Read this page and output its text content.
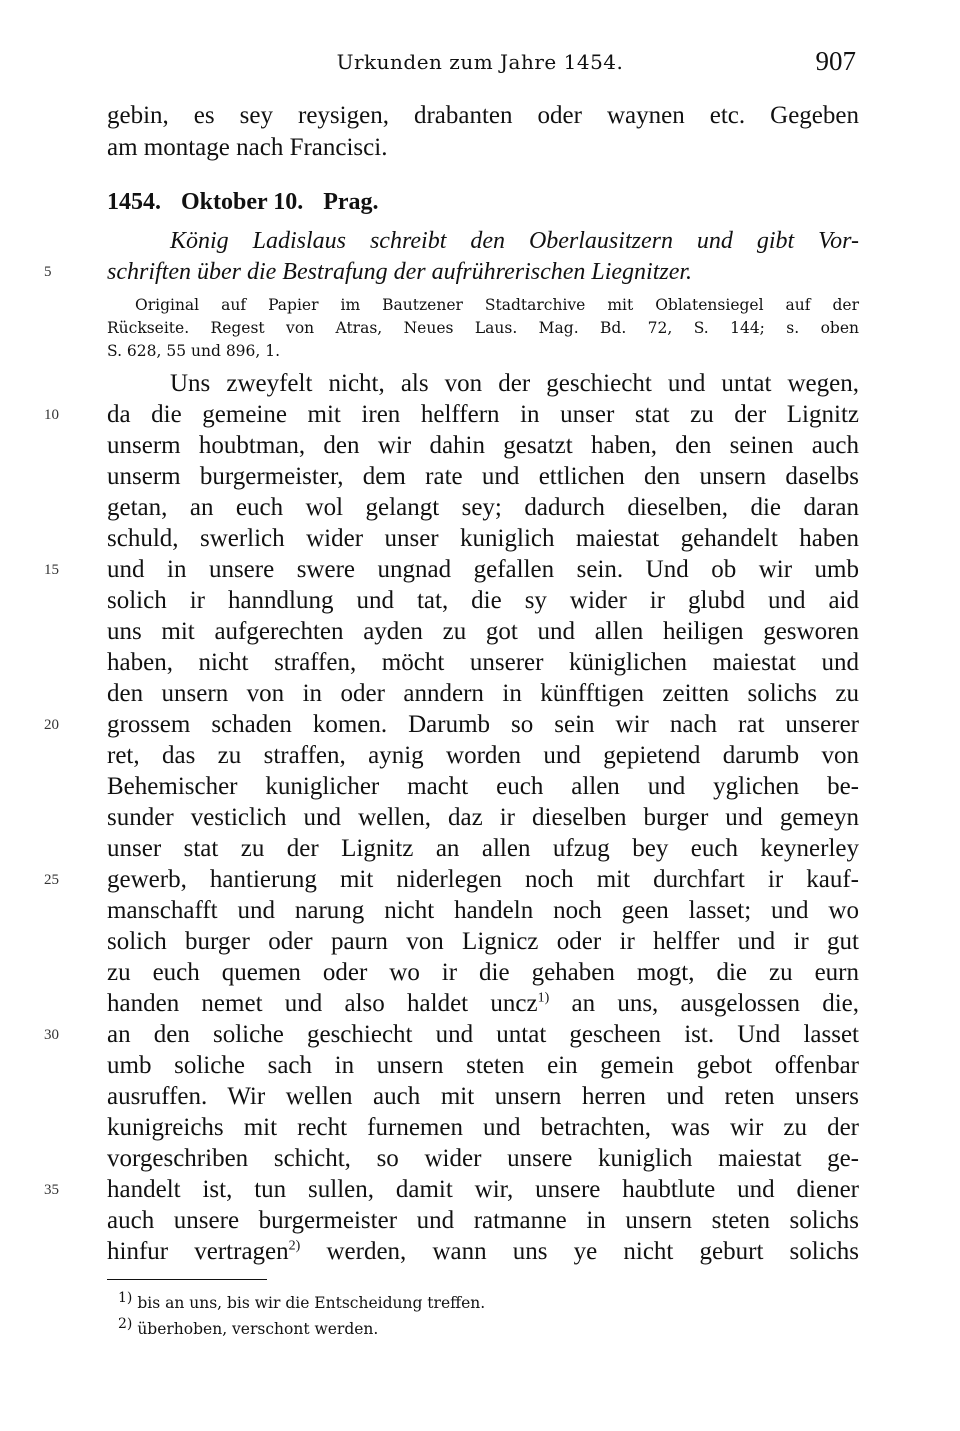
Urkunden zum Jahre 1454.	907
gebin, es sey reysigen, drabanten oder waynen etc. Gegeben
am montage nach Francisci.
1454. Oktober 10. Prag.
König Ladislaus schreibt den Oberlausitzern und gibt Vor-
schriften über die Bestrafung der aufrührerischen Liegnitzer.
Original auf Papier im Bautzener Stadtarchive mit Oblatensiegel auf der
Rückseite. Regest von Atras, Neues Laus. Mag. Bd. 72, S. 144; s. oben
S. 628, 55 und 896, 1.
Uns zweyfelt nicht, als von der geschiecht und untat wegen,
da die gemeine mit iren helffern in unser stat zu der Lignitz
unserm houbtman, den wir dahin gesatzt haben, den seinen auch
unserm burgermeister, dem rate und ettlichen den unsern daselbs
getan, an euch wol gelangt sey; dadurch dieselben, die daran
schuld, swerlich wider unser kuniglich maiestat gehandelt haben
und in unsere swere ungnad gefallen sein. Und ob wir umb
solich ir hanndlung und tat, die sy wider ir glubd und aid
uns mit aufgerechten ayden zu got und allen heiligen gesworen
haben, nicht straffen, möcht unserer küniglichen maiestat und
den unsern von in oder anndern in künfftigen zeitten solichs zu
grossem schaden komen. Darumb so sein wir nach rat unserer
ret, das zu straffen, aynig worden und gepietend darumb von
Behemischer kuniglicher macht euch allen und yglichen be-
sunder vesticlich und wellen, daz ir dieselben burger und gemeyn
unser stat zu der Lignitz an allen ufzug bey euch keynerley
gewerb, hantierung mit niderlegen noch mit durchfart ir kauf-
manschafft und narung nicht handeln noch geen lasset; und wo
solich burger oder paurn von Lignicz oder ir helffer und ir gut
zu euch quemen oder wo ir die gehaben mogt, die zu eurn
handen nemet und also haldet uncz$^{1)}$ an uns, ausgelossen die,
an den soliche geschiecht und untat gescheen ist. Und lasset
umb soliche sach in unsern steten ein gemein gebot offenbar
ausruffen. Wir wellen auch mit unsern herren und reten unsers
kunigreichs mit recht furnemen und betrachten, was wir zu der
vorgeschriben schicht, so wider unsere kuniglich maiestat ge-
handelt ist, tun sullen, damit wir, unsere haubtlute und diener
auch unsere burgermeister und ratmanne in unsern steten solichs
hinfur vertragen$^{2)}$ werden, wann uns ye nicht geburt solichs
5
10
15
20
25
30
35
$^{1)}$ bis an uns, bis wir die Entscheidung treffen.
$^{2)}$ überhoben, verschont werden.
